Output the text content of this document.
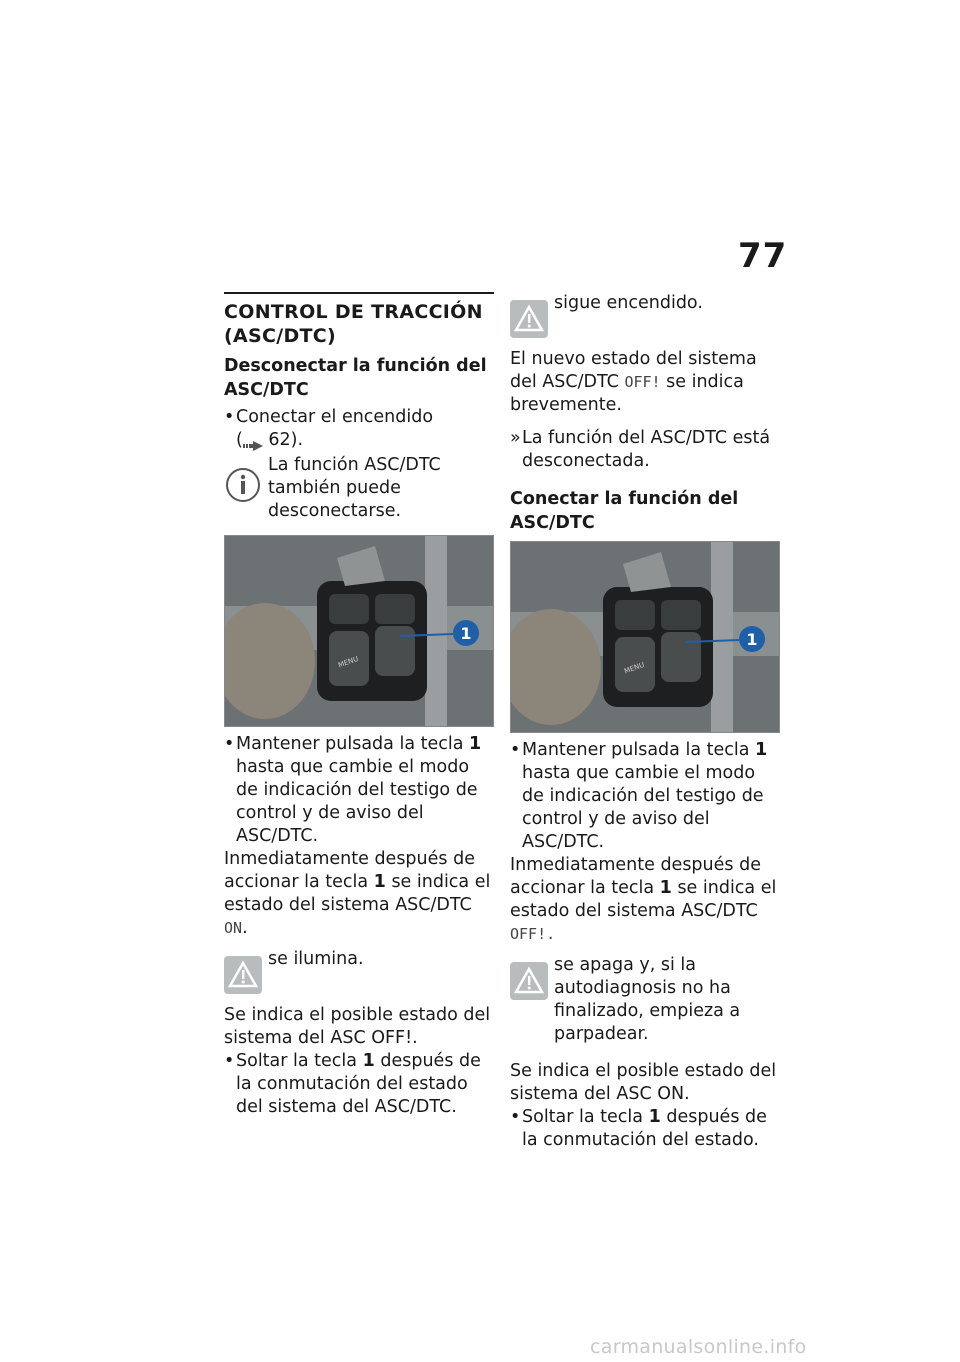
77
CONTROL DE TRACCIÓN (ASC/DTC)
Desconectar la función del ASC/DTC
• Conectar el encendido
( 62).

La función ASC/DTC también puede desconectarse.

1
MENU
• Mantener pulsada la tecla 1 hasta que cambie el modo de indicación del testigo de control y de aviso del ASC/DTC.

Inmediatamente después de accionar la tecla 1 se indica el estado del sistema ASC/DTC
ON.

se ilumina.

Se indica el posible estado del sistema del ASC OFF!.

• Soltar la tecla 1 después de la conmutación del estado del sistema del ASC/DTC.

sigue encendido.

El nuevo estado del sistema del ASC/DTC OFF! se indica brevemente.

» La función del ASC/DTC está desconectada.
Conectar la función del ASC/DTC
1
MENU
• Mantener pulsada la tecla 1 hasta que cambie el modo de indicación del testigo de control y de aviso del ASC/DTC.

Inmediatamente después de accionar la tecla 1 se indica el estado del sistema ASC/DTC
OFF!.

se apaga y, si la autodiagnosis no ha finalizado, empieza a parpadear.

Se indica el posible estado del sistema del ASC ON.

• Soltar la tecla 1 después de la conmutación del estado.
carmanualsonline.info
